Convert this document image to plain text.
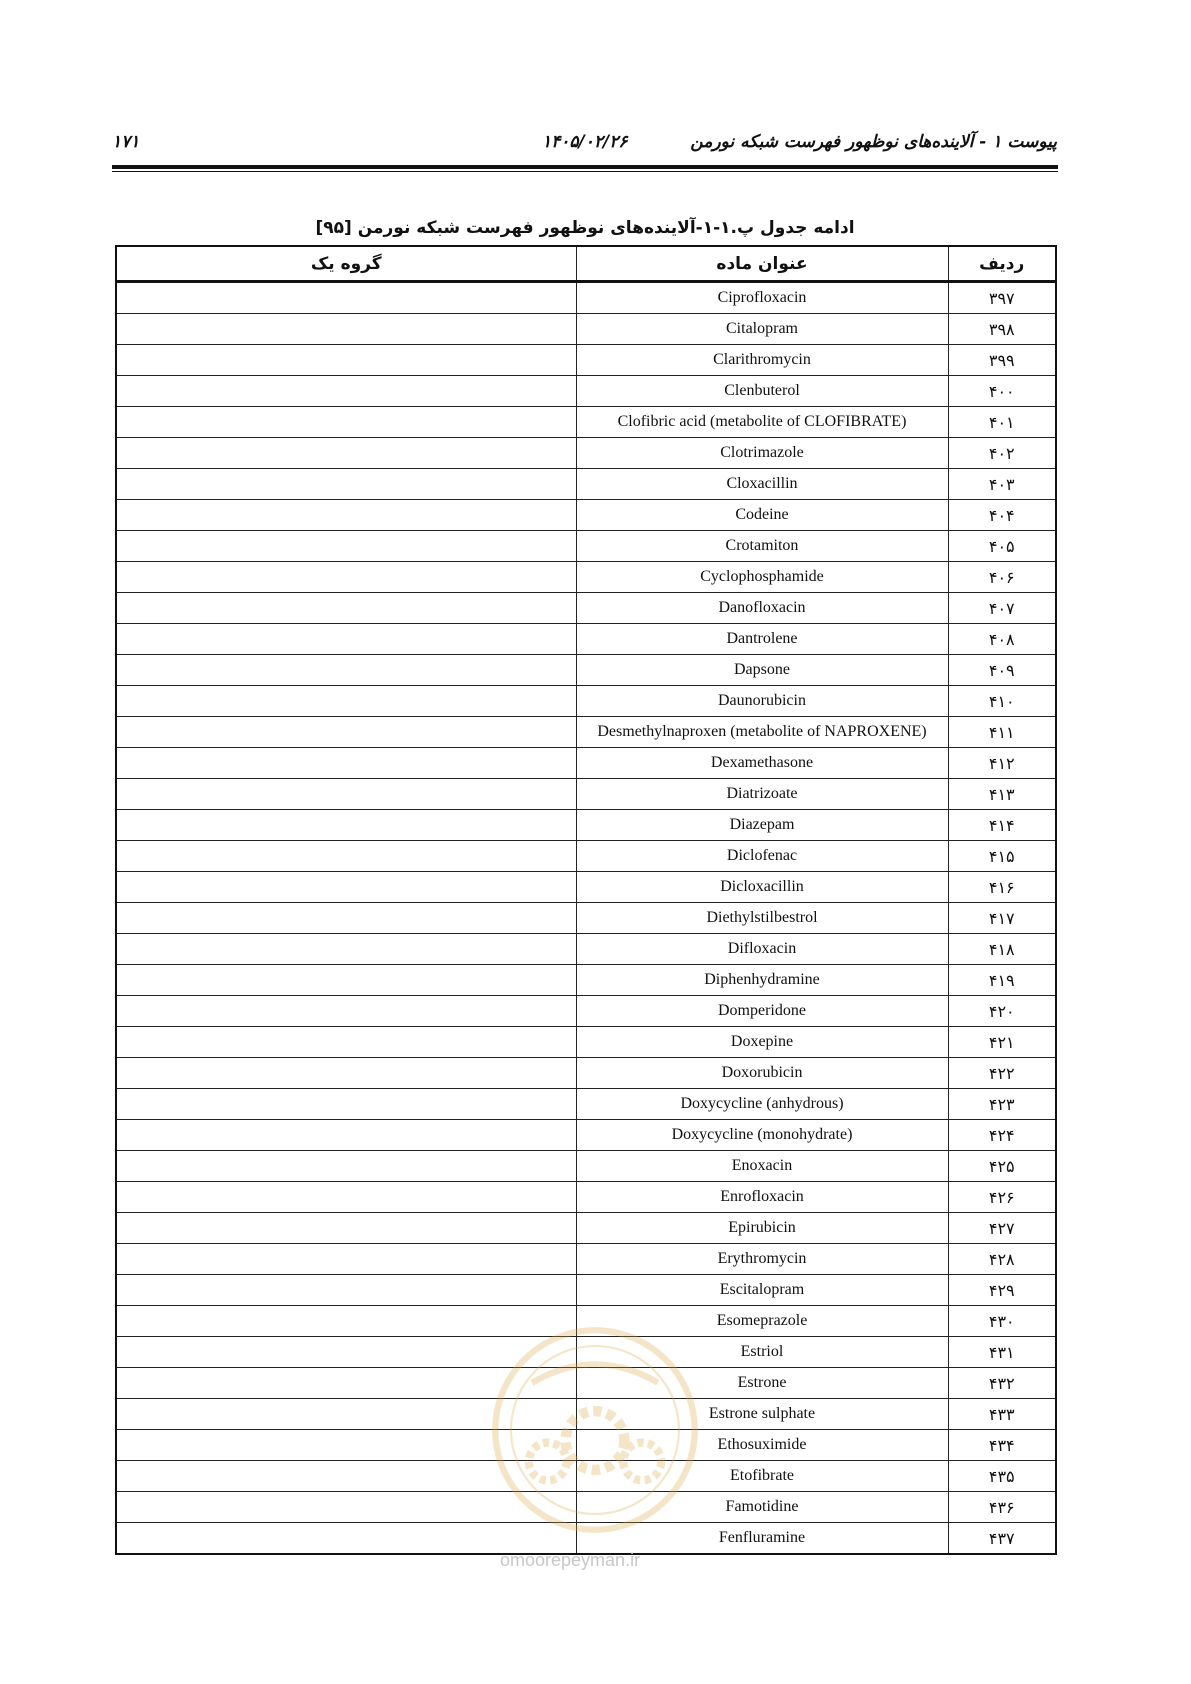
پیوست ۱ - آلاینده‌های نوظهور فهرست شبکه نورمن
۱۴۰۵/۰۲/۲۶
۱۷۱
ادامه جدول پ.۱-۱-آلاینده‌های نوظهور فهرست شبکه نورمن [۹۵]
گروه یک	عنوان ماده	ردیف
	Ciprofloxacin	۳۹۷
	Citalopram	۳۹۸
	Clarithromycin	۳۹۹
	Clenbuterol	۴۰۰
	Clofibric acid (metabolite of CLOFIBRATE)	۴۰۱
	Clotrimazole	۴۰۲
	Cloxacillin	۴۰۳
	Codeine	۴۰۴
	Crotamiton	۴۰۵
	Cyclophosphamide	۴۰۶
	Danofloxacin	۴۰۷
	Dantrolene	۴۰۸
	Dapsone	۴۰۹
	Daunorubicin	۴۱۰
	Desmethylnaproxen (metabolite of NAPROXENE)	۴۱۱
	Dexamethasone	۴۱۲
	Diatrizoate	۴۱۳
	Diazepam	۴۱۴
	Diclofenac	۴۱۵
	Dicloxacillin	۴۱۶
	Diethylstilbestrol	۴۱۷
	Difloxacin	۴۱۸
	Diphenhydramine	۴۱۹
	Domperidone	۴۲۰
	Doxepine	۴۲۱
	Doxorubicin	۴۲۲
	Doxycycline (anhydrous)	۴۲۳
	Doxycycline (monohydrate)	۴۲۴
	Enoxacin	۴۲۵
	Enrofloxacin	۴۲۶
	Epirubicin	۴۲۷
	Erythromycin	۴۲۸
	Escitalopram	۴۲۹
	Esomeprazole	۴۳۰
	Estriol	۴۳۱
	Estrone	۴۳۲
	Estrone sulphate	۴۳۳
	Ethosuximide	۴۳۴
	Etofibrate	۴۳۵
	Famotidine	۴۳۶
	Fenfluramine	۴۳۷
omoorepeyman.ir
